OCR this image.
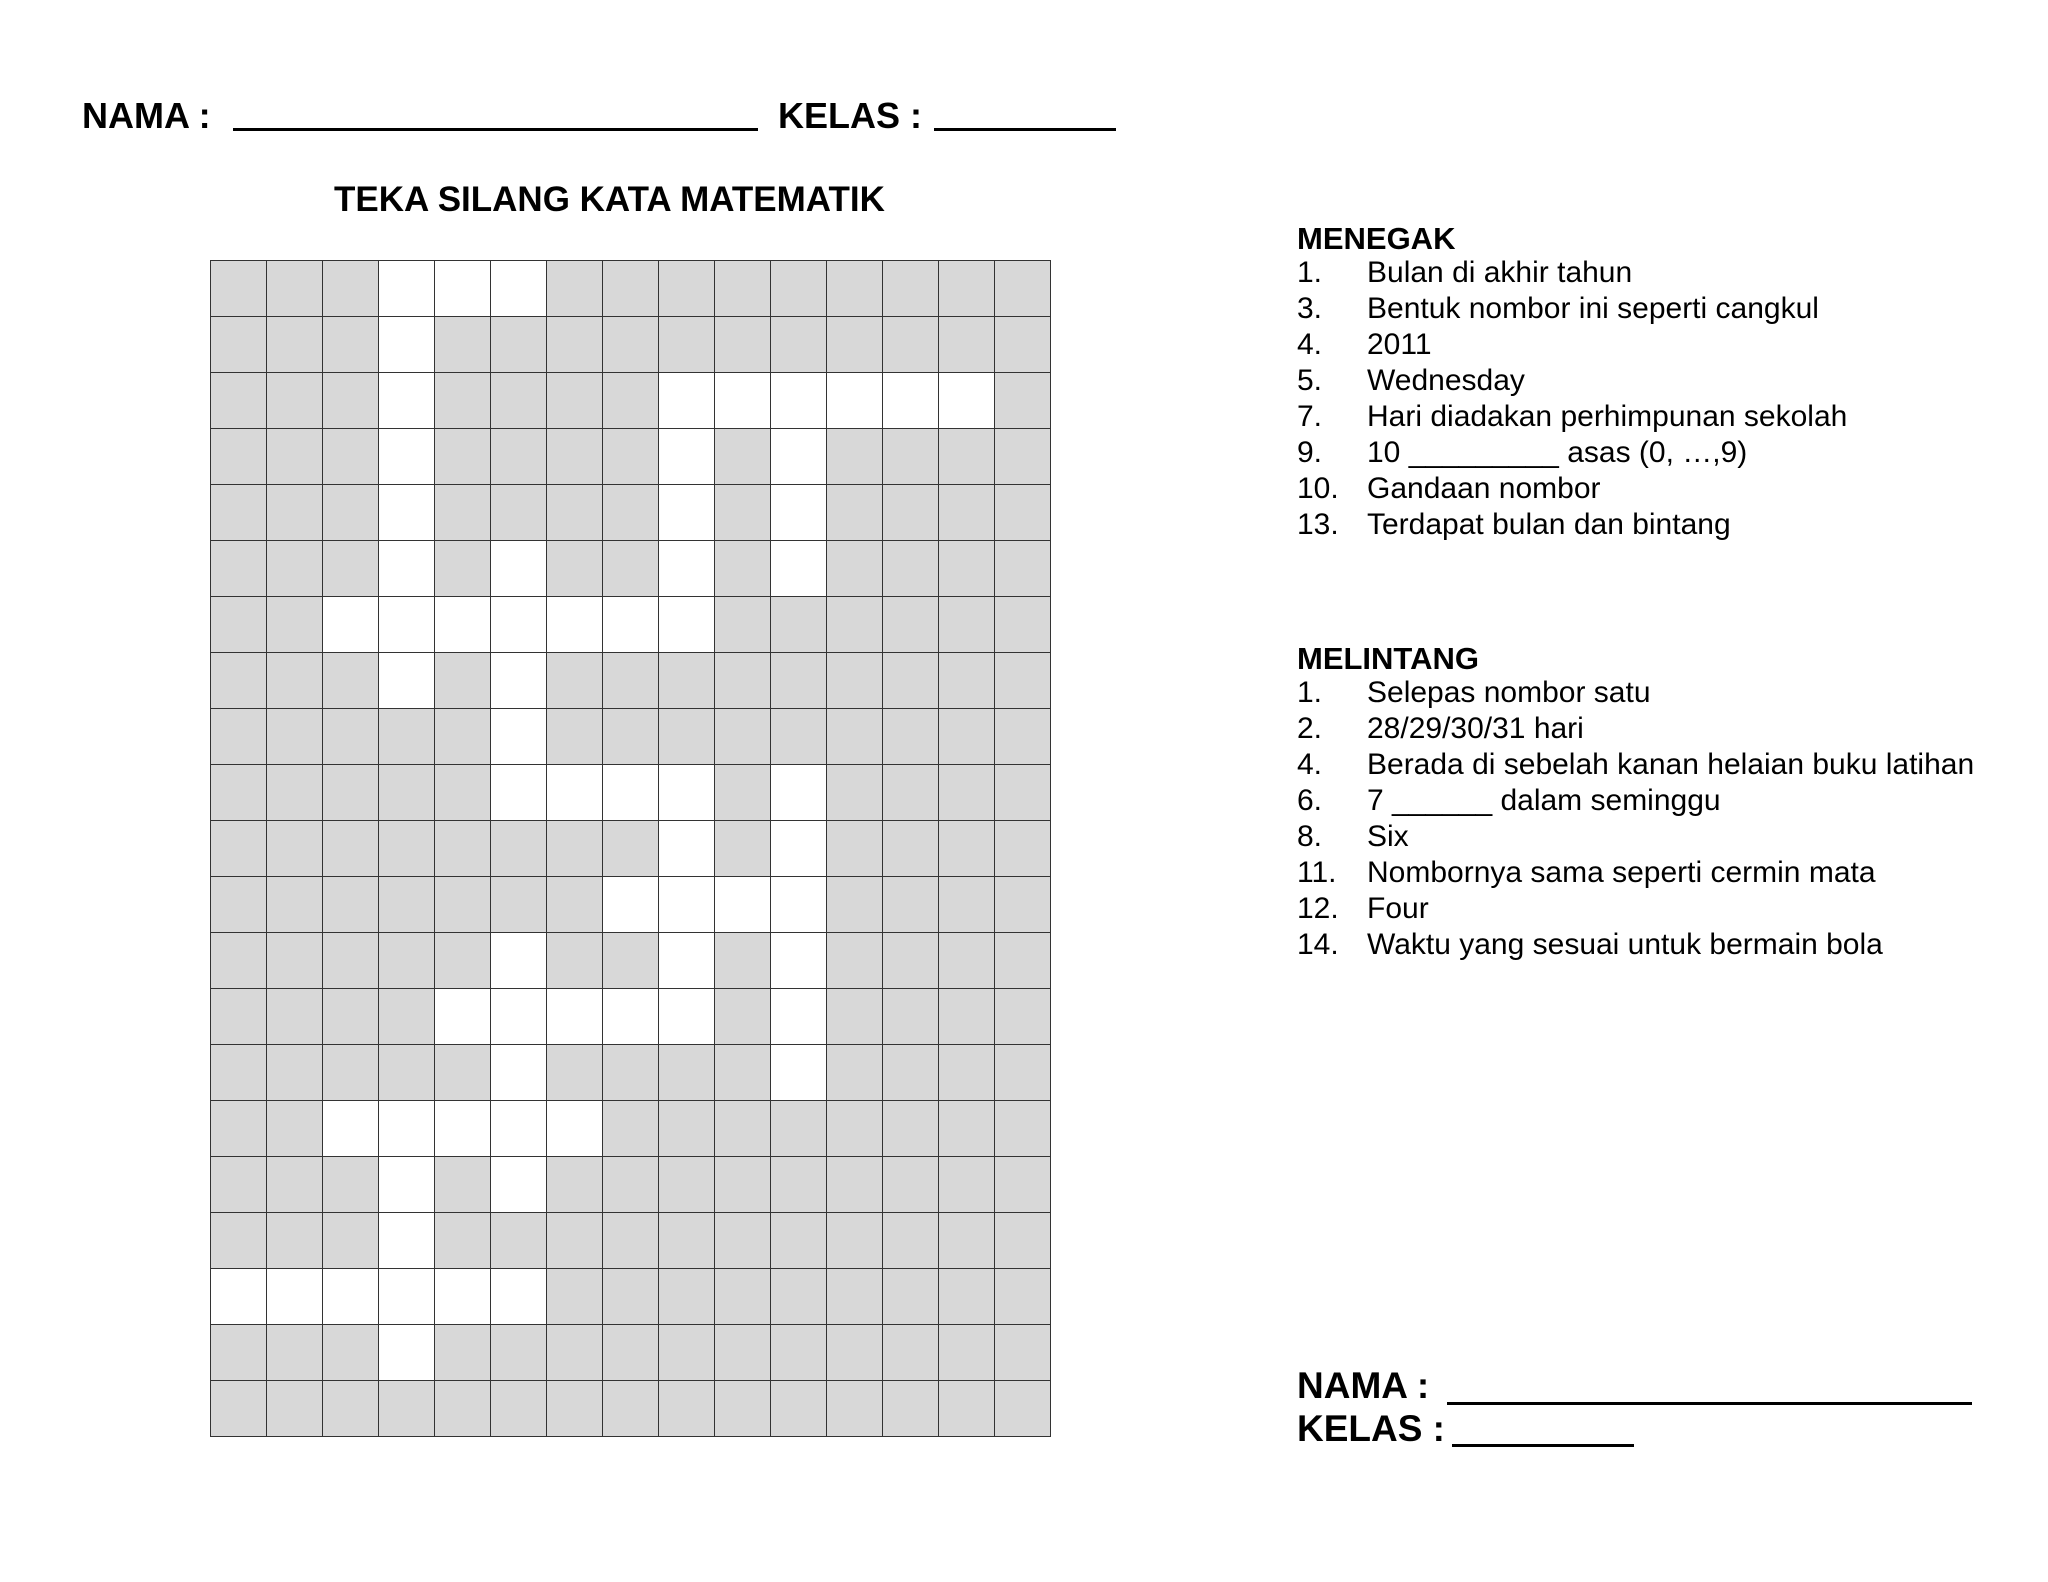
NAMA :	KELAS :
TEKA SILANG KATA MATEMATIK
MENEGAK
1. Bulan di akhir tahun
3. Bentuk nombor ini seperti cangkul
4. 2011
5. Wednesday
7. Hari diadakan perhimpunan sekolah
9. 10 _________ asas (0, …,9)
10. Gandaan nombor
13. Terdapat bulan dan bintang
MELINTANG
1. Selepas nombor satu
2. 28/29/30/31 hari
4. Berada di sebelah kanan helaian buku latihan
6. 7 ______ dalam seminggu
8. Six
11. Nombornya sama seperti cermin mata
12. Four
14. Waktu yang sesuai untuk bermain bola
NAMA :
KELAS :
